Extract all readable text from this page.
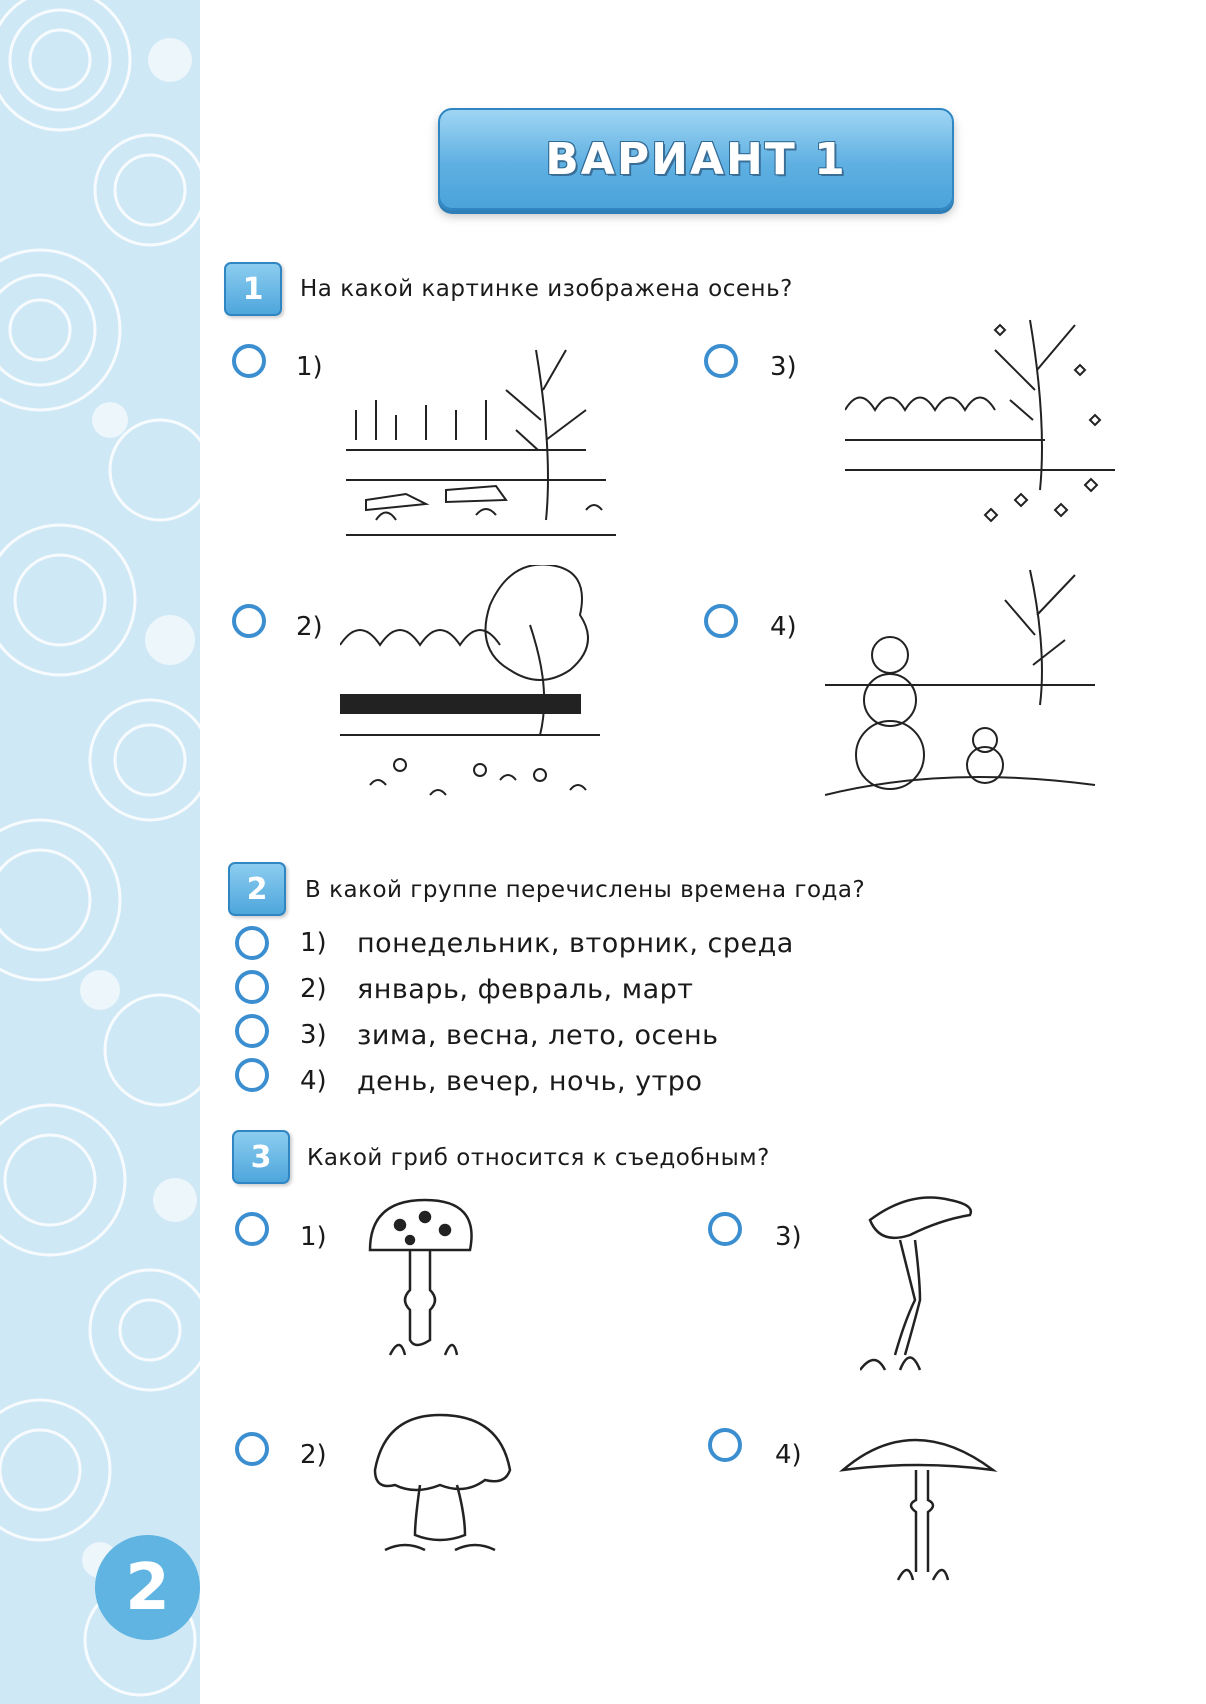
2
ВАРИАНТ 1
1	На какой картинке изображена осень?
1)
2)
3)
4)
2	В какой группе перечислены времена года?
1) понедельник, вторник, среда
2) январь, февраль, март
3) зима, весна, лето, осень
4) день, вечер, ночь, утро
3	Какой гриб относится к съедобным?
1)
2)
3)
4)
